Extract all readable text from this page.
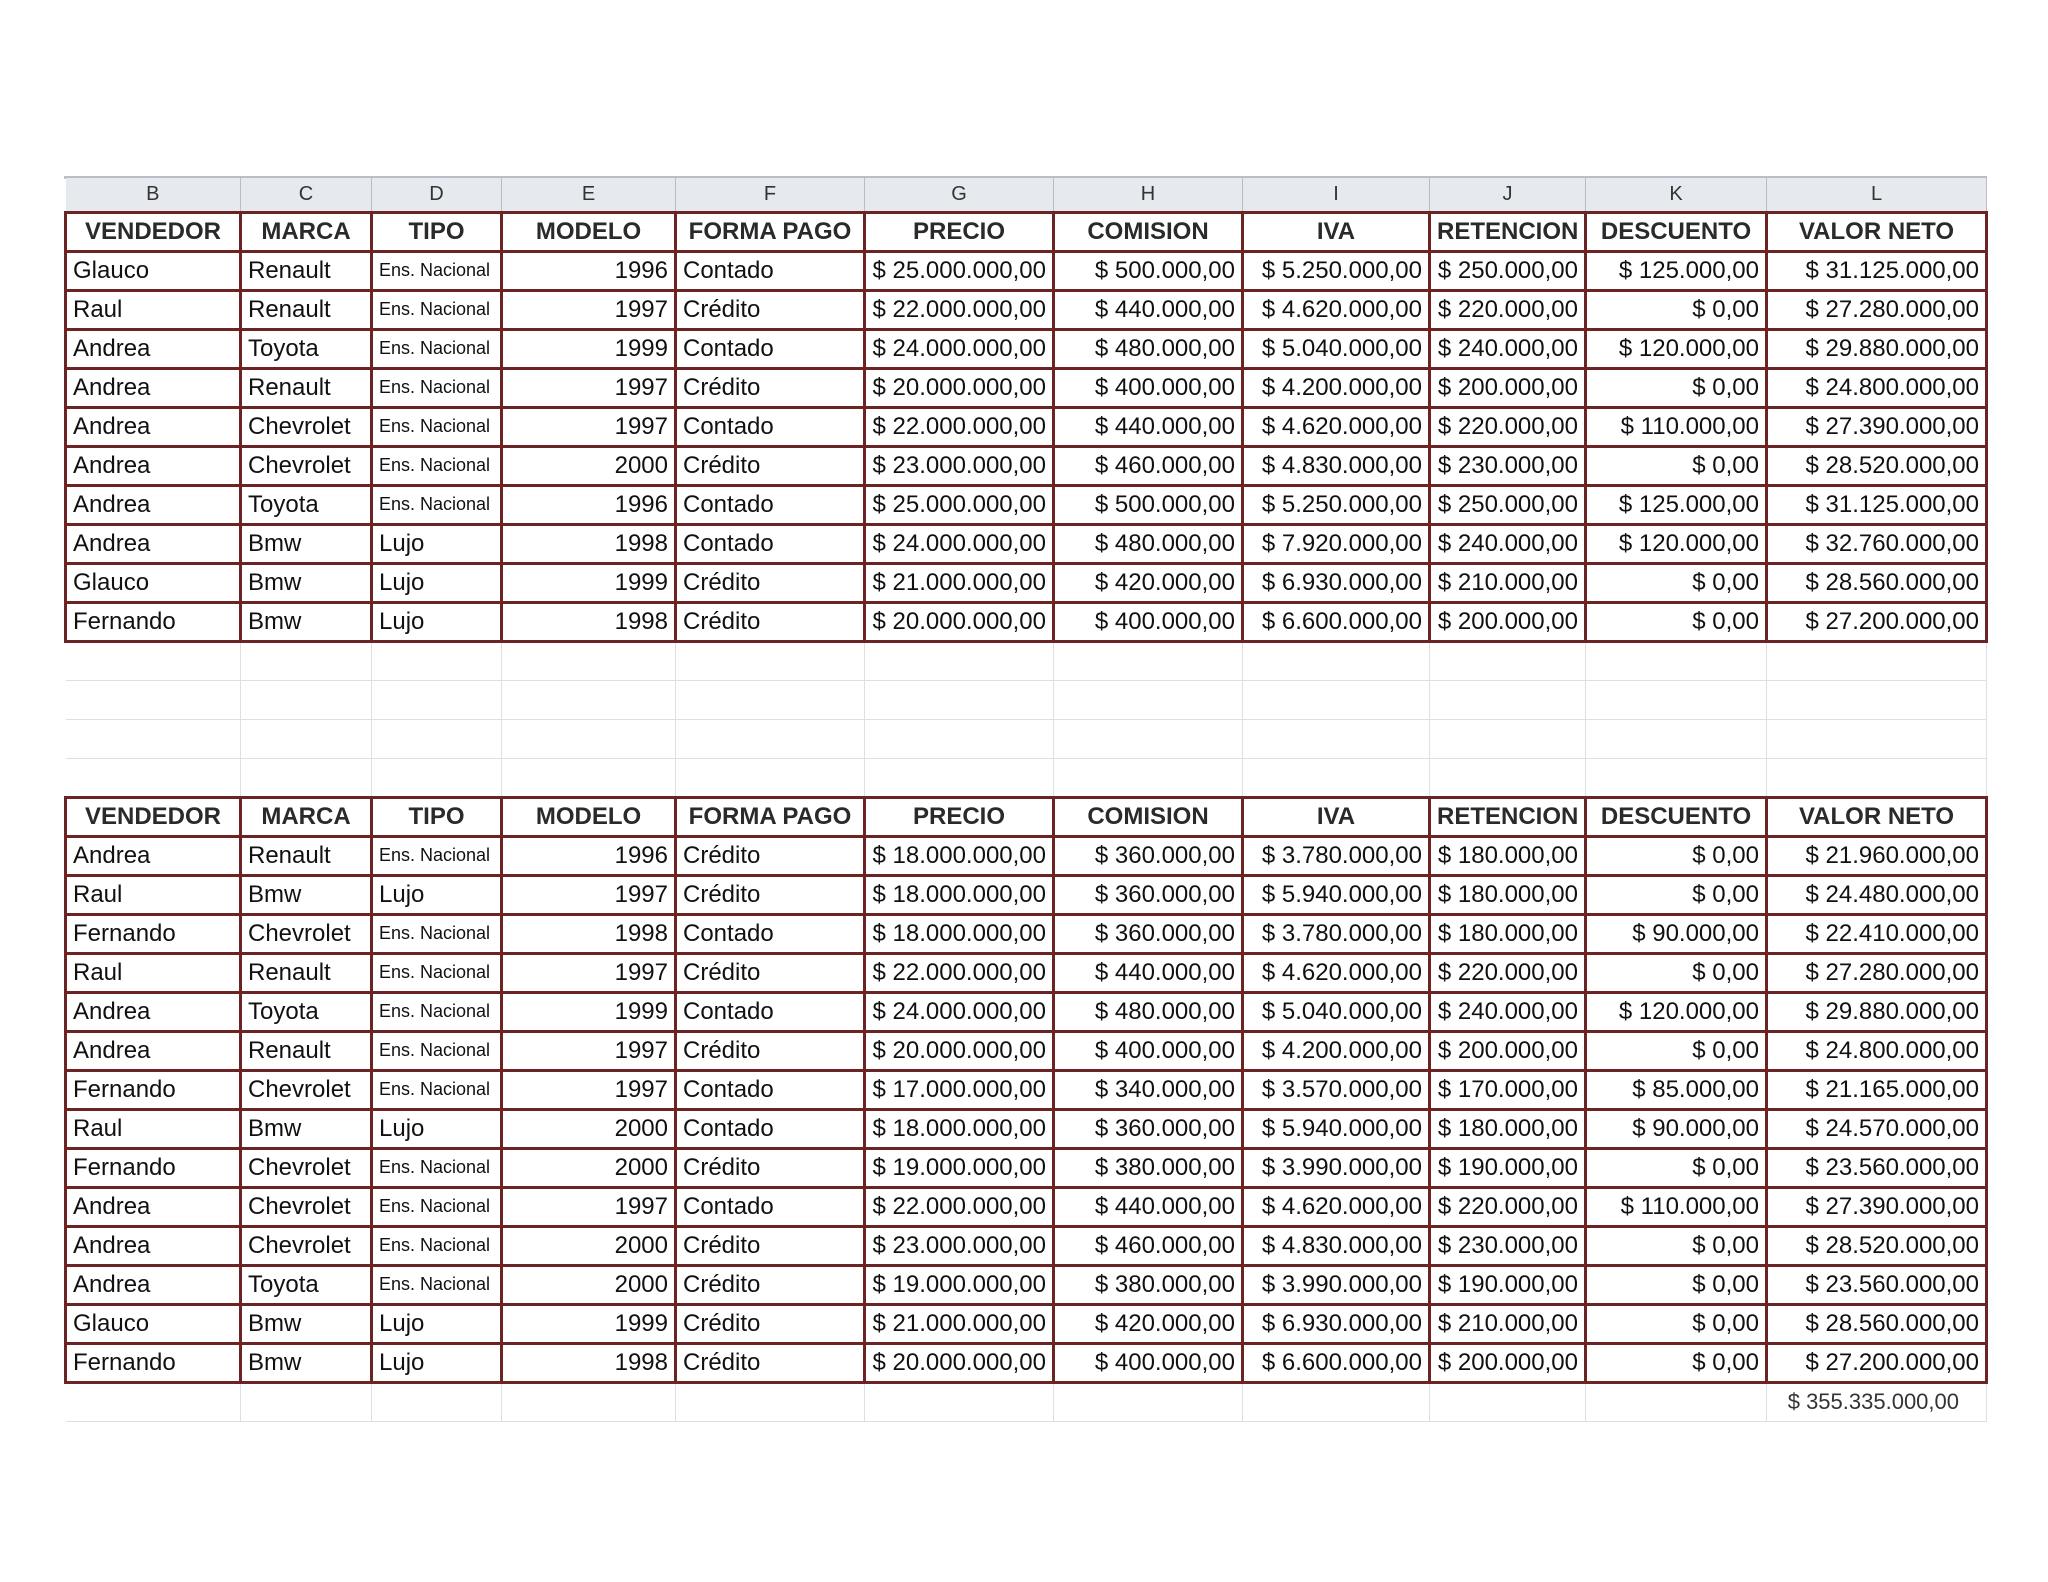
B	C	D	E	F	G	H	I	J	K	L
VENDEDOR	MARCA	TIPO	MODELO	FORMA PAGO	PRECIO	COMISION	IVA	RETENCION	DESCUENTO	VALOR NETO
Glauco	Renault	Ens. Nacional	1996	Contado	$ 25.000.000,00	$ 500.000,00	$ 5.250.000,00	$ 250.000,00	$ 125.000,00	$ 31.125.000,00
Raul	Renault	Ens. Nacional	1997	Crédito	$ 22.000.000,00	$ 440.000,00	$ 4.620.000,00	$ 220.000,00	$ 0,00	$ 27.280.000,00
Andrea	Toyota	Ens. Nacional	1999	Contado	$ 24.000.000,00	$ 480.000,00	$ 5.040.000,00	$ 240.000,00	$ 120.000,00	$ 29.880.000,00
Andrea	Renault	Ens. Nacional	1997	Crédito	$ 20.000.000,00	$ 400.000,00	$ 4.200.000,00	$ 200.000,00	$ 0,00	$ 24.800.000,00
Andrea	Chevrolet	Ens. Nacional	1997	Contado	$ 22.000.000,00	$ 440.000,00	$ 4.620.000,00	$ 220.000,00	$ 110.000,00	$ 27.390.000,00
Andrea	Chevrolet	Ens. Nacional	2000	Crédito	$ 23.000.000,00	$ 460.000,00	$ 4.830.000,00	$ 230.000,00	$ 0,00	$ 28.520.000,00
Andrea	Toyota	Ens. Nacional	1996	Contado	$ 25.000.000,00	$ 500.000,00	$ 5.250.000,00	$ 250.000,00	$ 125.000,00	$ 31.125.000,00
Andrea	Bmw	Lujo	1998	Contado	$ 24.000.000,00	$ 480.000,00	$ 7.920.000,00	$ 240.000,00	$ 120.000,00	$ 32.760.000,00
Glauco	Bmw	Lujo	1999	Crédito	$ 21.000.000,00	$ 420.000,00	$ 6.930.000,00	$ 210.000,00	$ 0,00	$ 28.560.000,00
Fernando	Bmw	Lujo	1998	Crédito	$ 20.000.000,00	$ 400.000,00	$ 6.600.000,00	$ 200.000,00	$ 0,00	$ 27.200.000,00

VENDEDOR	MARCA	TIPO	MODELO	FORMA PAGO	PRECIO	COMISION	IVA	RETENCION	DESCUENTO	VALOR NETO
Andrea	Renault	Ens. Nacional	1996	Crédito	$ 18.000.000,00	$ 360.000,00	$ 3.780.000,00	$ 180.000,00	$ 0,00	$ 21.960.000,00
Raul	Bmw	Lujo	1997	Crédito	$ 18.000.000,00	$ 360.000,00	$ 5.940.000,00	$ 180.000,00	$ 0,00	$ 24.480.000,00
Fernando	Chevrolet	Ens. Nacional	1998	Contado	$ 18.000.000,00	$ 360.000,00	$ 3.780.000,00	$ 180.000,00	$ 90.000,00	$ 22.410.000,00
Raul	Renault	Ens. Nacional	1997	Crédito	$ 22.000.000,00	$ 440.000,00	$ 4.620.000,00	$ 220.000,00	$ 0,00	$ 27.280.000,00
Andrea	Toyota	Ens. Nacional	1999	Contado	$ 24.000.000,00	$ 480.000,00	$ 5.040.000,00	$ 240.000,00	$ 120.000,00	$ 29.880.000,00
Andrea	Renault	Ens. Nacional	1997	Crédito	$ 20.000.000,00	$ 400.000,00	$ 4.200.000,00	$ 200.000,00	$ 0,00	$ 24.800.000,00
Fernando	Chevrolet	Ens. Nacional	1997	Contado	$ 17.000.000,00	$ 340.000,00	$ 3.570.000,00	$ 170.000,00	$ 85.000,00	$ 21.165.000,00
Raul	Bmw	Lujo	2000	Contado	$ 18.000.000,00	$ 360.000,00	$ 5.940.000,00	$ 180.000,00	$ 90.000,00	$ 24.570.000,00
Fernando	Chevrolet	Ens. Nacional	2000	Crédito	$ 19.000.000,00	$ 380.000,00	$ 3.990.000,00	$ 190.000,00	$ 0,00	$ 23.560.000,00
Andrea	Chevrolet	Ens. Nacional	1997	Contado	$ 22.000.000,00	$ 440.000,00	$ 4.620.000,00	$ 220.000,00	$ 110.000,00	$ 27.390.000,00
Andrea	Chevrolet	Ens. Nacional	2000	Crédito	$ 23.000.000,00	$ 460.000,00	$ 4.830.000,00	$ 230.000,00	$ 0,00	$ 28.520.000,00
Andrea	Toyota	Ens. Nacional	2000	Crédito	$ 19.000.000,00	$ 380.000,00	$ 3.990.000,00	$ 190.000,00	$ 0,00	$ 23.560.000,00
Glauco	Bmw	Lujo	1999	Crédito	$ 21.000.000,00	$ 420.000,00	$ 6.930.000,00	$ 210.000,00	$ 0,00	$ 28.560.000,00
Fernando	Bmw	Lujo	1998	Crédito	$ 20.000.000,00	$ 400.000,00	$ 6.600.000,00	$ 200.000,00	$ 0,00	$ 27.200.000,00

$ 355.335.000,00
